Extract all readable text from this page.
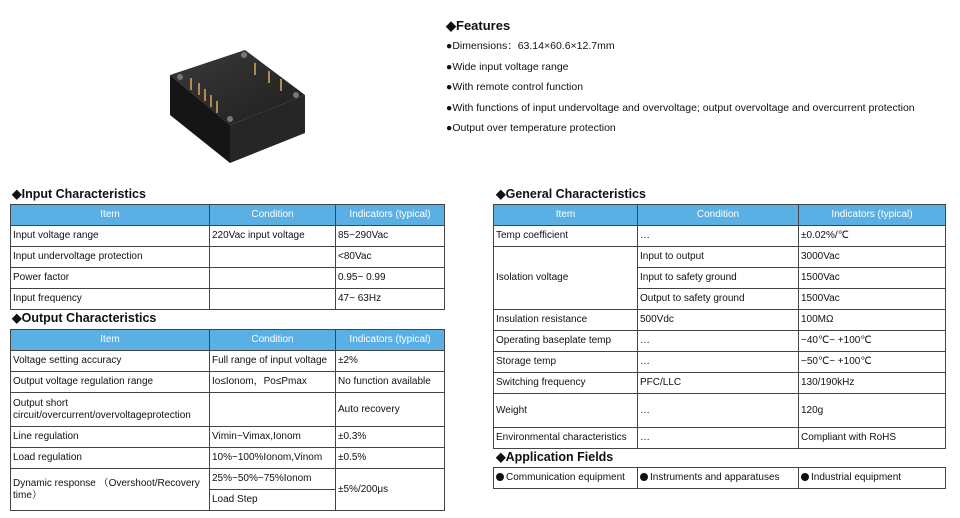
◆Features
●Dimensions：63.14×60.6×12.7mm
●Wide input voltage range
●With remote control function
●With functions of input undervoltage and overvoltage; output overvoltage and overcurrent protection
●Output over temperature protection
◆Input Characteristics
Item	Condition	Indicators (typical)
Input voltage range	220Vac input voltage	85~290Vac
Input undervoltage protection		<80Vac
Power factor		0.95~ 0.99
Input frequency		47~ 63Hz
◆Output Characteristics
Item	Condition	Indicators (typical)
Voltage setting accuracy	Full range of input voltage	±2%
Output voltage regulation range	Io≤Ionom，Po≤Pmax	No function available
Output short circuit/overcurrent/overvoltageprotection		Auto recovery
Line regulation	Vimin~Vimax,Ionom	±0.3%
Load regulation	10%~100%Ionom,Vinom	±0.5%
Dynamic response （Overshoot/Recovery time）	25%~50%~75%Ionom	±5%/200μs
	Load Step	
◆General Characteristics
Item	Condition	Indicators (typical)
Temp coefficient	…	±0.02%/℃
Isolation voltage	Input to output	3000Vac
	Input to safety ground	1500Vac
	Output to safety ground	1500Vac
Insulation resistance	500Vdc	100MΩ
Operating baseplate temp	…	−40℃~ +100℃
Storage temp	…	−50℃~ +100℃
Switching frequency	PFC/LLC	130/190kHz
Weight	…	120g
Environmental characteristics	…	Compliant with RoHS
◆Application Fields
Communication equipment	Instruments and apparatuses	Industrial equipment
